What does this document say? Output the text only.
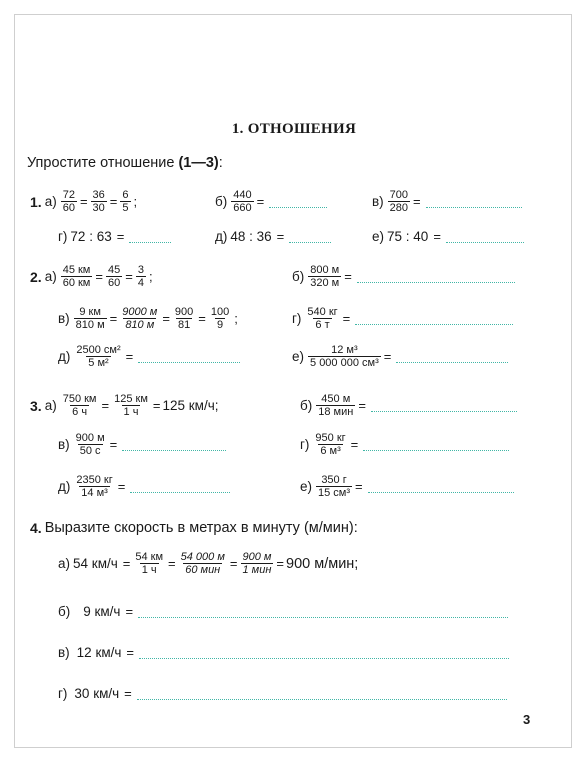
1. ОТНОШЕНИЯ
Упростите отношение (1—3):
1. $а) \frac{72}{60} = \frac{36}{30} = \frac{6}{5}$ ;	$б) \frac{440}{660}$ =	$в) \frac{700}{280}$ =
г) 72 : 63 =	д) 48 : 36 =	е) 75 : 40 =
2. $а) \frac{45 км}{60 км} = \frac{45}{60} = \frac{3}{4}$ ;	$б) \frac{800 м}{320 м}$ =
$в) \frac{9 км}{810 м} = \frac{9000 м}{810 м} = \frac{900}{81} = \frac{100}{9}$ ;	$г) \frac{540 кг}{6 т}$ =
$д) \frac{\text{2500 см²}}{\text{5 м²}}$ =	$е) \frac{\text{12 м³}}{\text{5 000 000 см³}}$ =
3. $а) \frac{750 км}{6 ч} = \frac{125 км}{1 ч} = 125$ км/ч;	$б) \frac{450 м}{\text{18 мин}}$ =
$в) \frac{900 м}{50 с}$ =	$г) \frac{950 кг}{\text{6 м³}}$ =
$д) \frac{2350 кг}{\text{14 м³}}$ =	$е) \frac{350 г}{\text{15 см³}}$ =
4. Выразите скорость в метрах в минуту (м/мин):
а) 54 $км/ч = \frac{54 км}{1 ч} = \frac{54 000 м}{\text{60 мин}} = \frac{900 м}{\text{1 мин}} = 900$ м/мин;
б) 9 км/ч =
в) 12 км/ч =
г) 30 км/ч =
3
